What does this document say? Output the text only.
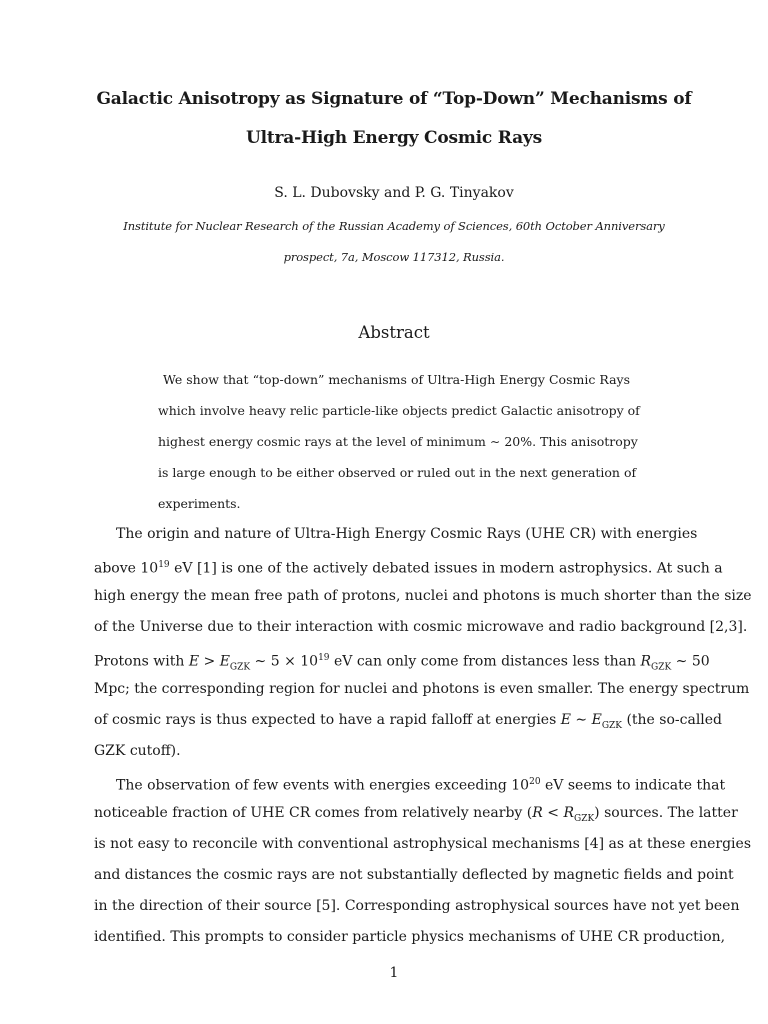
Galactic Anisotropy as Signature of “Top-Down” Mechanisms of
Ultra-High Energy Cosmic Rays
S. L. Dubovsky and P. G. Tinyakov
Institute for Nuclear Research of the Russian Academy of Sciences, 60th October Anniversary
prospect, 7a, Moscow 117312, Russia.
Abstract
We show that “top-down” mechanisms of Ultra-High Energy Cosmic Rays
which involve heavy relic particle-like objects predict Galactic anisotropy of
highest energy cosmic rays at the level of minimum ∼ 20%. This anisotropy
is large enough to be either observed or ruled out in the next generation of
experiments.
The origin and nature of Ultra-High Energy Cosmic Rays (UHE CR) with energies
above $10^{19}$ eV [1] is one of the actively debated issues in modern astrophysics. At such a
high energy the mean free path of protons, nuclei and photons is much shorter than the size
of the Universe due to their interaction with cosmic microwave and radio background [2,3].
Protons with $E > E_{GZK}$ ∼ $5 \times 10^{19}$ eV can only come from distances less than $R_{GZK}$ ∼ 50
Mpc; the corresponding region for nuclei and photons is even smaller. The energy spectrum
of cosmic rays is thus expected to have a rapid falloff at energies E ∼ $E_{GZK}$ (the so-called
GZK cutoff).
The observation of few events with energies exceeding $10^{20}$ eV seems to indicate that
noticeable fraction of UHE CR comes from relatively nearby $(R < R_{GZK})$ sources. The latter
is not easy to reconcile with conventional astrophysical mechanisms [4] as at these energies
and distances the cosmic rays are not substantially deflected by magnetic fields and point
in the direction of their source [5]. Corresponding astrophysical sources have not yet been
identified. This prompts to consider particle physics mechanisms of UHE CR production,
1
